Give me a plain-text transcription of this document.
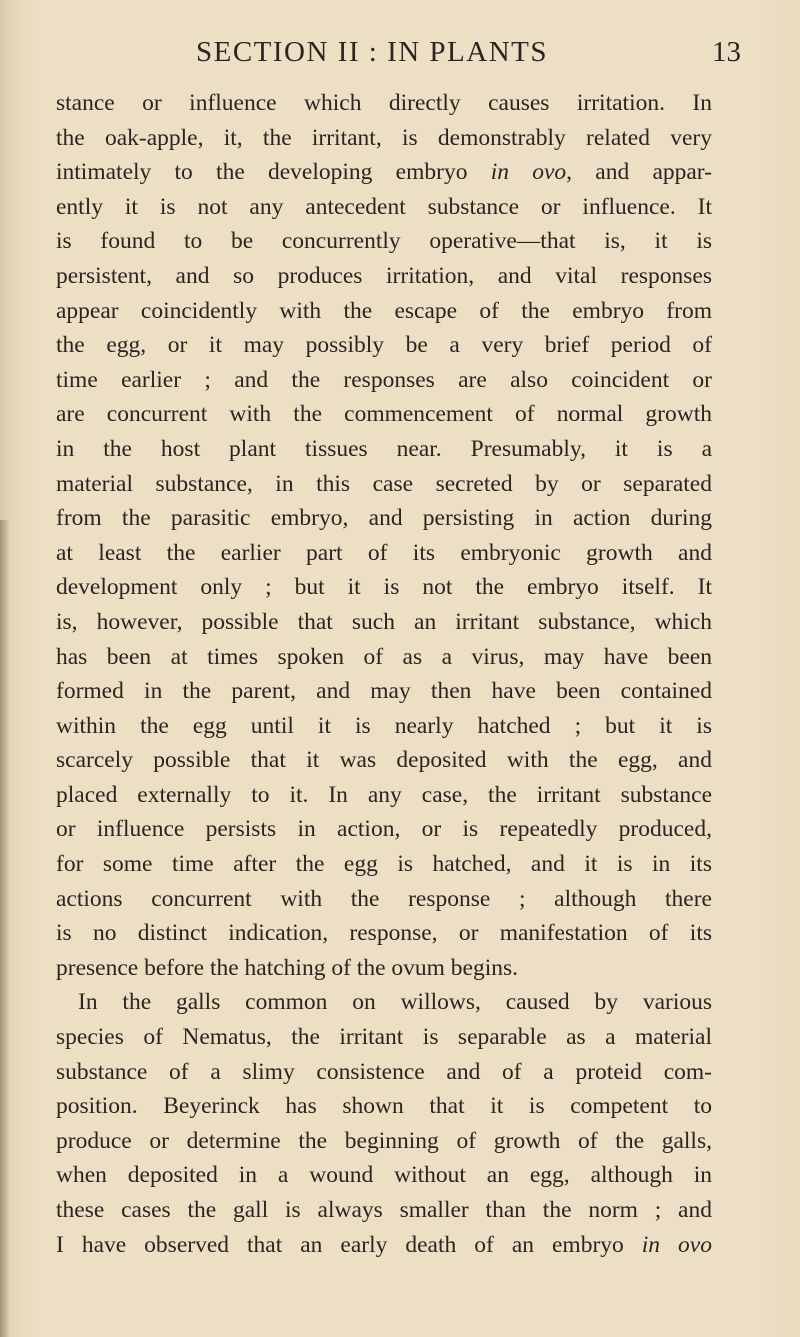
SECTION II : IN PLANTS	13
stance or influence which directly causes irritation. In
the oak-apple, it, the irritant, is demonstrably related very
intimately to the developing embryo in ovo, and appar-
ently it is not any antecedent substance or influence. It
is found to be concurrently operative—that is, it is
persistent, and so produces irritation, and vital responses
appear coincidently with the escape of the embryo from
the egg, or it may possibly be a very brief period of
time earlier ; and the responses are also coincident or
are concurrent with the commencement of normal growth
in the host plant tissues near. Presumably, it is a
material substance, in this case secreted by or separated
from the parasitic embryo, and persisting in action during
at least the earlier part of its embryonic growth and
development only ; but it is not the embryo itself. It
is, however, possible that such an irritant substance, which
has been at times spoken of as a virus, may have been
formed in the parent, and may then have been contained
within the egg until it is nearly hatched ; but it is
scarcely possible that it was deposited with the egg, and
placed externally to it. In any case, the irritant substance
or influence persists in action, or is repeatedly produced,
for some time after the egg is hatched, and it is in its
actions concurrent with the response ; although there
is no distinct indication, response, or manifestation of its
presence before the hatching of the ovum begins.
In the galls common on willows, caused by various
species of Nematus, the irritant is separable as a material
substance of a slimy consistence and of a proteid com-
position. Beyerinck has shown that it is competent to
produce or determine the beginning of growth of the galls,
when deposited in a wound without an egg, although in
these cases the gall is always smaller than the norm ; and
I have observed that an early death of an embryo in ovo
